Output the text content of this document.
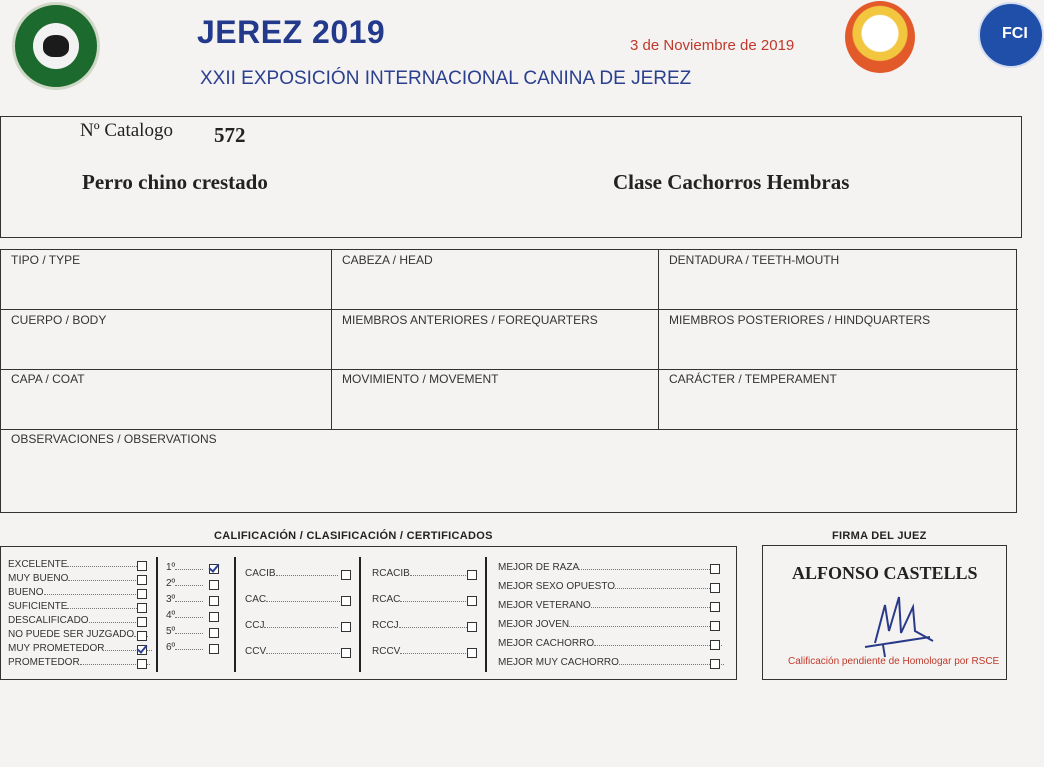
JEREZ 2019	3 de Noviembre de 2019
XXII EXPOSICIÓN INTERNACIONAL CANINA DE JEREZ
FCI
Nº Catalogo 572
Perro chino crestado	Clase Cachorros Hembras
TIPO / TYPE	CABEZA / HEAD	DENTADURA / TEETH-MOUTH
CUERPO / BODY	MIEMBROS ANTERIORES / FOREQUARTERS	MIEMBROS POSTERIORES / HINDQUARTERS
CAPA / COAT	MOVIMIENTO / MOVEMENT	CARÁCTER / TEMPERAMENT
OBSERVACIONES / OBSERVATIONS
CALIFICACIÓN / CLASIFICACIÓN / CERTIFICADOS	FIRMA DEL JUEZ
EXCELENTE
MUY BUENO
BUENO
SUFICIENTE
DESCALIFICADO
NO PUEDE SER JUZGADO
MUY PROMETEDOR
PROMETEDOR
1º
2º
3º
4º
5º
6º
CACIB
CAC
CCJ
CCV
RCACIB
RCAC
RCCJ
RCCV
MEJOR DE RAZA
MEJOR SEXO OPUESTO
MEJOR VETERANO
MEJOR JOVEN
MEJOR CACHORRO
MEJOR MUY CACHORRO
ALFONSO CASTELLS
Calificación pendiente de Homologar por RSCE
